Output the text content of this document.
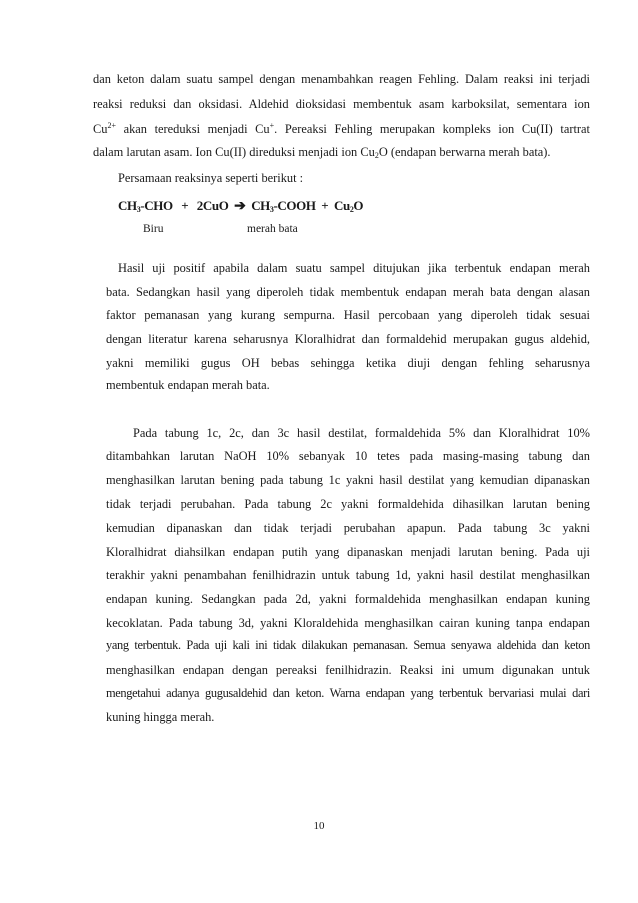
dan keton dalam suatu sampel dengan menambahkan reagen Fehling. Dalam reaksi ini terjadi
reaksi reduksi dan oksidasi. Aldehid dioksidasi membentuk asam karboksilat, sementara ion
$Cu^{2+}$ akan tereduksi menjadi Cu+. Pereaksi Fehling merupakan kompleks ion Cu(II) tartrat
dalam larutan asam. Ion Cu(II) direduksi menjadi ion $Cu_2O$ (endapan berwarna merah bata).
Persamaan reaksinya seperti berikut :
$CH_3$-CHO + 2CuO ➔ $CH_3$-COOH + $Cu_2O$
Biru	merah bata
Hasil uji positif apabila dalam suatu sampel ditujukan jika terbentuk endapan merah
bata. Sedangkan hasil yang diperoleh tidak membentuk endapan merah bata dengan alasan
faktor pemanasan yang kurang sempurna. Hasil percobaan yang diperoleh tidak sesuai
dengan literatur karena seharusnya Kloralhidrat dan formaldehid merupakan gugus aldehid,
yakni memiliki gugus OH bebas sehingga ketika diuji dengan fehling seharusnya
membentuk endapan merah bata.
Pada tabung 1c, 2c, dan 3c hasil destilat, formaldehida 5% dan Kloralhidrat 10%
ditambahkan larutan NaOH 10% sebanyak 10 tetes pada masing-masing tabung dan
menghasilkan larutan bening pada tabung 1c yakni hasil destilat yang kemudian dipanaskan
tidak terjadi perubahan. Pada tabung 2c yakni formaldehida dihasilkan larutan bening
kemudian dipanaskan dan tidak terjadi perubahan apapun. Pada tabung 3c yakni
Kloralhidrat diahsilkan endapan putih yang dipanaskan menjadi larutan bening. Pada uji
terakhir yakni penambahan fenilhidrazin untuk tabung 1d, yakni hasil destilat menghasilkan
endapan kuning. Sedangkan pada 2d, yakni formaldehida menghasilkan endapan kuning
kecoklatan. Pada tabung 3d, yakni Kloraldehida menghasilkan cairan kuning tanpa endapan
yang terbentuk. Pada uji kali ini tidak dilakukan pemanasan. Semua senyawa aldehida dan keton
menghasilkan endapan dengan pereaksi fenilhidrazin. Reaksi ini umum digunakan untuk
mengetahui adanya gugusaldehid dan keton. Warna endapan yang terbentuk bervariasi mulai dari
kuning hingga merah.
10
